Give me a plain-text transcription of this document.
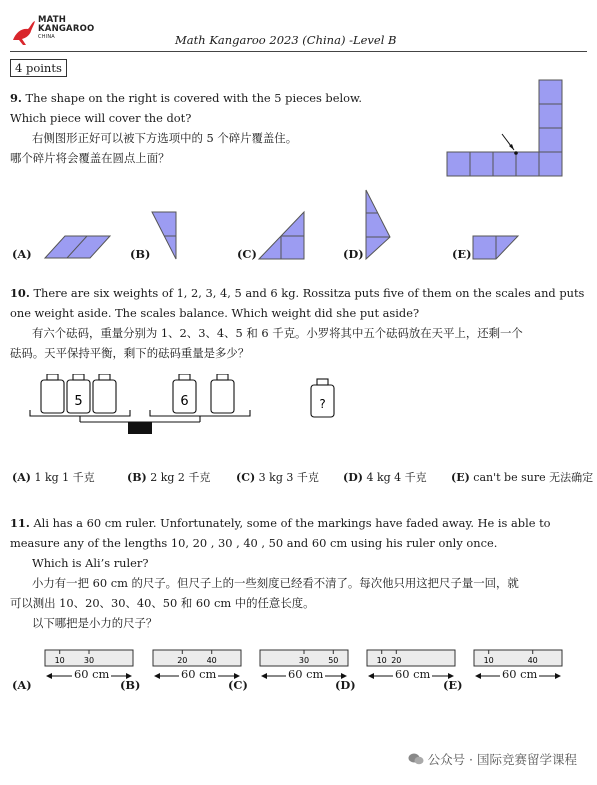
MATH
KANGAROO
CHINA	Math Kangaroo 2023 (China) -Level B
4 points
9. The shape on the right is covered with the 5 pieces below.
Which piece will cover the dot?
右侧图形正好可以被下方选项中的 5 个碎片覆盖住。
哪个碎片将会覆盖在圆点上面？
(A)	(B)	(C)	(D)	(E)
10. There are six weights of 1, 2, 3, 4, 5 and 6 kg. Rossitza puts five of them on the scales and puts
one weight aside. The scales balance. Which weight did she put aside?
有六个砝码，重量分别为 1、2、3、4、5 和 6 千克。小罗将其中五个砝码放在天平上，还剩一个
砝码。天平保持平衡，剩下的砝码重量是多少？
5	6	?
(A) 1 kg 1 千克	(B) 2 kg 2 千克 (C) 3 kg 3 千克 (D) 4 kg 4 千克 (E) can't be sure 无法确定
11. Ali has a 60 cm ruler. Unfortunately, some of the markings have faded away. He is able to
measure any of the lengths 10, 20 , 30 , 40 , 50 and 60 cm using his ruler only once.
Which is Ali’s ruler?
小力有一把 60 cm 的尺子。但尺子上的一些刻度已经看不清了。每次他只用这把尺子量一回，就
可以测出 10、20、30、40、50 和 60 cm 中的任意长度。
以下哪把是小力的尺子？
10 30	20 40	30 50	10 20	10	40
(A)	(B)	(C)	(D)	(E)
60 cm	60 cm	60 cm	60 cm	60 cm
公众号 · 国际竞赛留学课程
